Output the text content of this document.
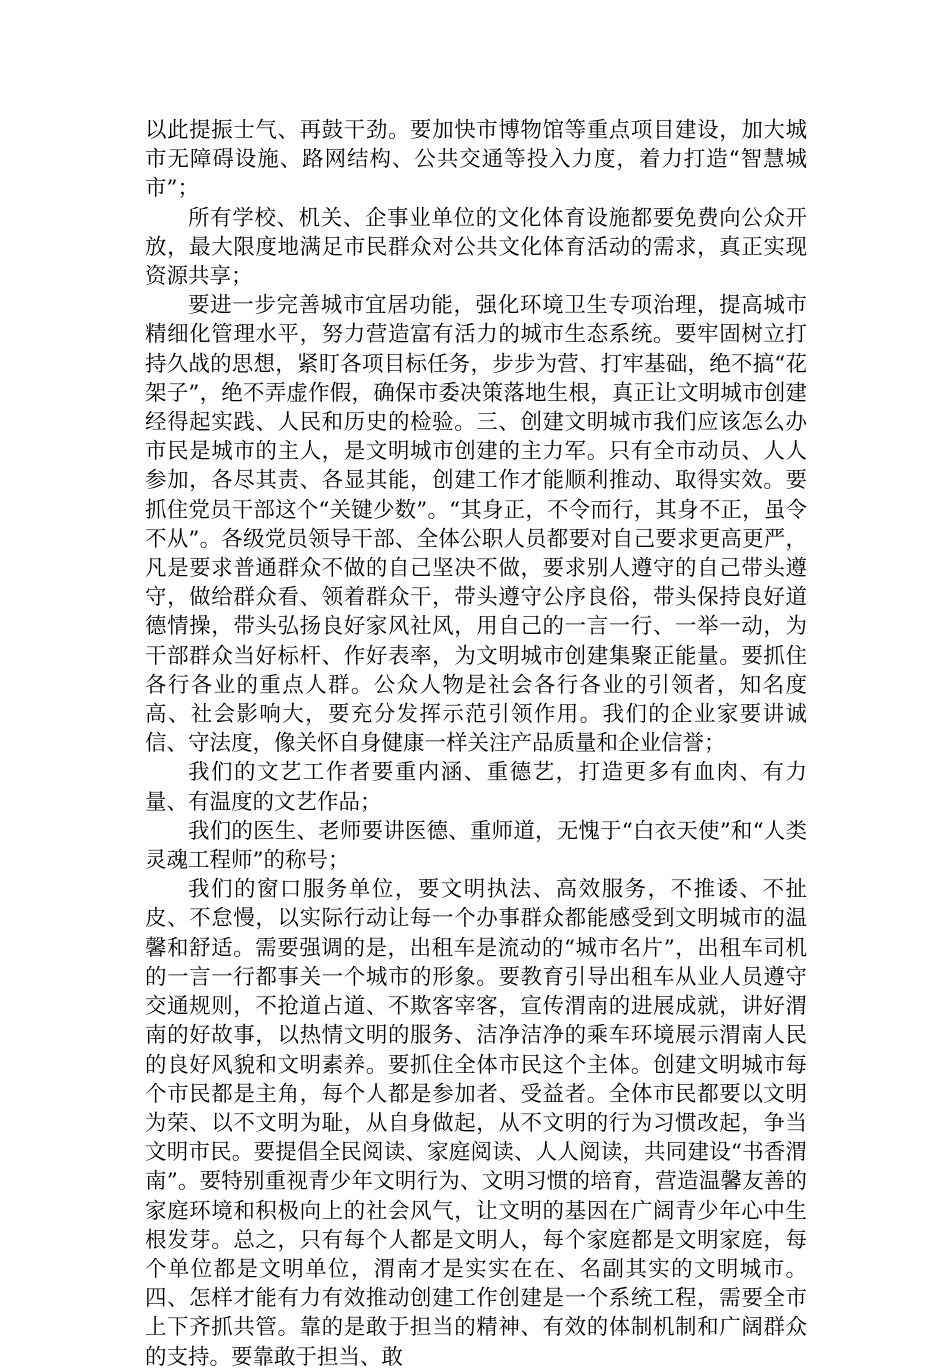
以此提振士气、再鼓干劲。要加快市博物馆等重点项目建设，加大城市无障碍设施、路网结构、公共交通等投入力度，着力打造“智慧城市”；

所有学校、机关、企事业单位的文化体育设施都要免费向公众开放，最大限度地满足市民群众对公共文化体育活动的需求，真正实现资源共享；

要进一步完善城市宜居功能，强化环境卫生专项治理，提高城市精细化管理水平，努力营造富有活力的城市生态系统。要牢固树立打持久战的思想，紧盯各项目标任务，步步为营、打牢基础，绝不搞“花架子”，绝不弄虚作假，确保市委决策落地生根，真正让文明城市创建经得起实践、人民和历史的检验。三、创建文明城市我们应该怎么办市民是城市的主人，是文明城市创建的主力军。只有全市动员、人人参加，各尽其责、各显其能，创建工作才能顺利推动、取得实效。要抓住党员干部这个“关键少数”。“其身正，不令而行，其身不正，虽令不从”。各级党员领导干部、全体公职人员都要对自己要求更高更严，凡是要求普通群众不做的自己坚决不做，要求别人遵守的自己带头遵守，做给群众看、领着群众干，带头遵守公序良俗，带头保持良好道德情操，带头弘扬良好家风社风，用自己的一言一行、一举一动，为干部群众当好标杆、作好表率，为文明城市创建集聚正能量。要抓住各行各业的重点人群。公众人物是社会各行各业的引领者，知名度高、社会影响大，要充分发挥示范引领作用。我们的企业家要讲诚信、守法度，像关怀自身健康一样关注产品质量和企业信誉；

我们的文艺工作者要重内涵、重德艺，打造更多有血肉、有力量、有温度的文艺作品；

我们的医生、老师要讲医德、重师道，无愧于“白衣天使”和“人类灵魂工程师”的称号；

我们的窗口服务单位，要文明执法、高效服务，不推诿、不扯皮、不怠慢，以实际行动让每一个办事群众都能感受到文明城市的温馨和舒适。需要强调的是，出租车是流动的“城市名片”，出租车司机的一言一行都事关一个城市的形象。要教育引导出租车从业人员遵守交通规则，不抢道占道、不欺客宰客，宣传渭南的进展成就，讲好渭南的好故事，以热情文明的服务、洁净洁净的乘车环境展示渭南人民的良好风貌和文明素养。要抓住全体市民这个主体。创建文明城市每个市民都是主角，每个人都是参加者、受益者。全体市民都要以文明为荣、以不文明为耻，从自身做起，从不文明的行为习惯改起，争当文明市民。要提倡全民阅读、家庭阅读、人人阅读，共同建设“书香渭南”。要特别重视青少年文明行为、文明习惯的培育，营造温馨友善的家庭环境和积极向上的社会风气，让文明的基因在广阔青少年心中生根发芽。总之，只有每个人都是文明人，每个家庭都是文明家庭，每个单位都是文明单位，渭南才是实实在在、名副其实的文明城市。四、怎样才能有力有效推动创建工作创建是一个系统工程，需要全市上下齐抓共管。靠的是敢于担当的精神、有效的体制机制和广阔群众的支持。要靠敢于担当、敢
